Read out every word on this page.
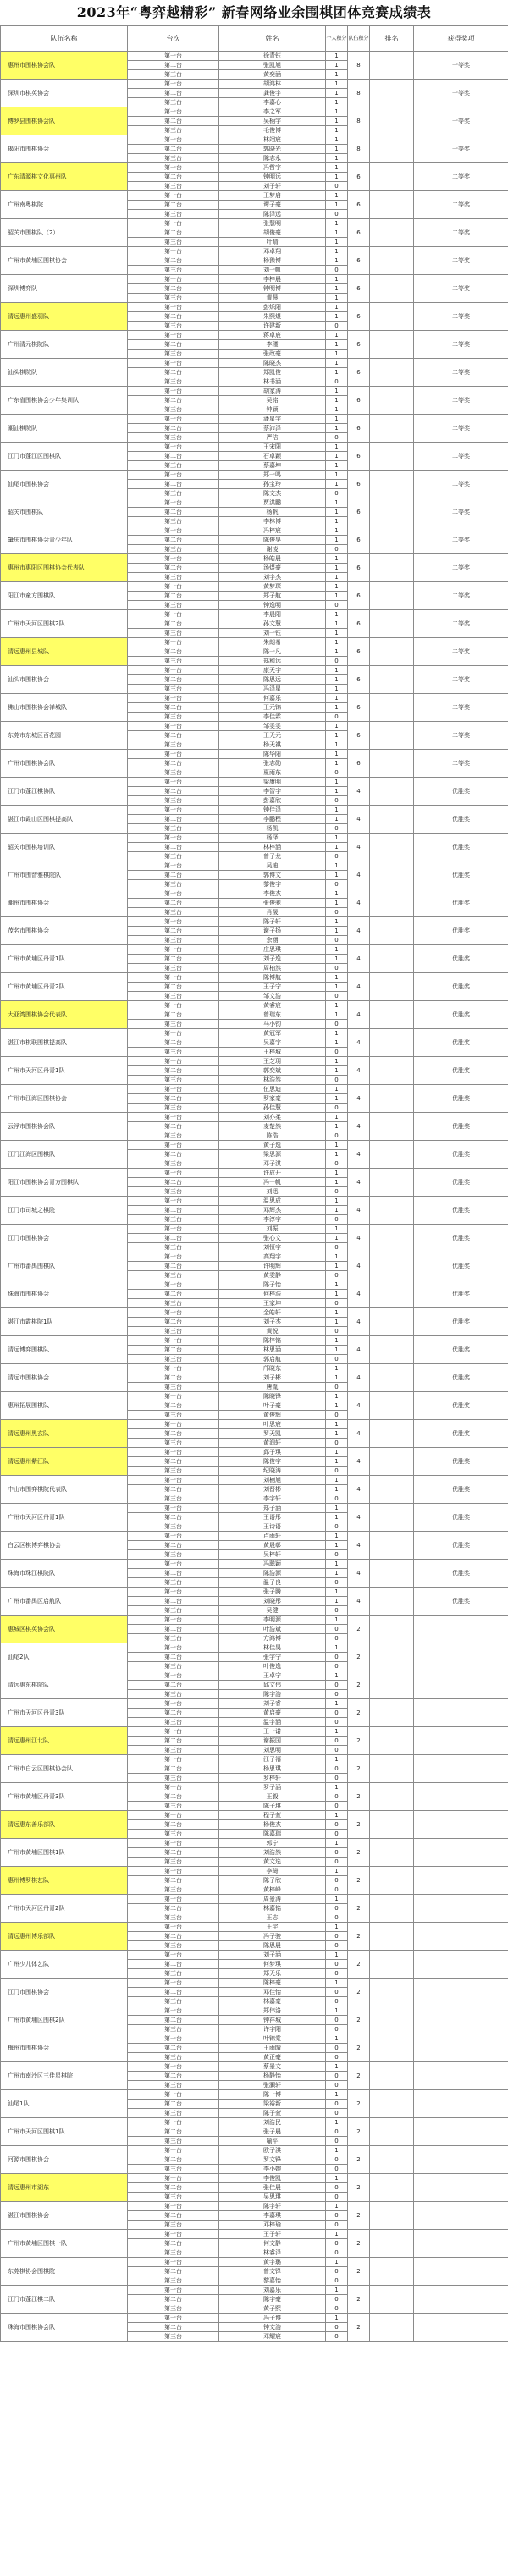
2023年“粤弈越精彩” 新春网络业余围棋团体竞赛成绩表
队伍名称	台次	姓名	个人积分	队伍积分	排名	获得奖项
惠州市围棋协会队	第一台	徐青钰	1	8		一等奖
	第二台	张凯旭	1			
	第三台	黄奕涵	1			
深圳市棋英协会	第一台	胡鸿林	1	8		一等奖
	第二台	龚俊宇	1			
	第三台	李嘉心	1			
博罗县围棋协会队	第一台	李之军	1	8		一等奖
	第二台	吴柄宇	1			
	第三台	毛俊博	1			
揭阳市围棋协会	第一台	林翊宸	1	8		一等奖
	第二台	郭晓光	1			
	第三台	陈志永	1			
广东清源棋文化惠州队	第一台	冯哲宇	1	6		二等奖
	第二台	钟明远	1			
	第三台	刘子轩	0			
广州南粤棋院	第一台	王梦启	1	6		二等奖
	第二台	谭子豪	1			
	第三台	陈泽远	0			
韶关市围棋队（2）	第一台	张慧明	1	6		二等奖
	第二台	胡俊豪	1			
	第三台	叶晴	1			
广州市黄埔区围棋协会	第一台	邓卓翔	1	6		二等奖
	第二台	杨豫博	1			
	第三台	刘一帆	0			
深圳博弈队	第一台	李梓晨	1	6		二等奖
	第二台	钟明博	1			
	第三台	黄晨	1			
清远惠州盛羽队	第一台	彭烁阳	1	6		二等奖
	第二台	朱熙煜	1			
	第三台	许建新	0			
广州清元棋院队	第一台	蒋卓宸	1	6		二等奖
	第二台	李瑾	1			
	第三台	张政豪	1			
汕头棋院队	第一台	陈晓杰	1	6		二等奖
	第二台	郑凯俊	1			
	第三台	林书涵	0			
广东省围棋协会少年集训队	第一台	胡家涛	1	6		二等奖
	第二台	吴铭	1			
	第三台	钟颖	1			
潮汕棋院队	第一台	潘星宇	1	6		二等奖
	第二台	蔡沛泽	1			
	第三台	严洁	0			
江门市蓬江区围棋队	第一台	王宋阳	1	6		二等奖
	第二台	石卓颖	1			
	第三台	蔡嘉坤	1			
汕尾市围棋协会	第一台	郑一鸣	1	6		二等奖
	第二台	孙宝玲	1			
	第三台	陈文杰	0			
韶关市围棋队	第一台	贾洪鹏	1	6		二等奖
	第二台	杨帆	1			
	第三台	李林博	1			
肇庆市围棋协会青少年队	第一台	冯梓宸	1	6		二等奖
	第二台	陈俊昊	1			
	第三台	谢凌	0			
惠州市惠阳区围棋协会代表队	第一台	杨皓晨	1	6		二等奖
	第二台	汤煜豪	1			
	第三台	刘宇杰	1			
阳江市童方围棋队	第一台	黄梦琛	1	6		二等奖
	第二台	郑子航	1			
	第三台	钟逸明	0			
广州市天河区围棋2队	第一台	李晨阳	1	6		二等奖
	第二台	孙文慧	1			
	第三台	刘一钰	1			
清远惠州县城队	第一台	朱朗希	1	6		二等奖
	第二台	陈一凡	1			
	第三台	郑和远	0			
汕头市围棋协会	第一台	康天宇	1	6		二等奖
	第二台	陈思远	1			
	第三台	冯泽星	1			
佛山市围棋协会禅城队	第一台	何嘉乐	1	6		二等奖
	第二台	王元锦	1			
	第三台	李佳霖	0			
东莞市东城区百花园	第一台	邹雯雯	1	6		二等奖
	第二台	王天元	1			
	第三台	杨天祺	1			
广州市围棋协会队	第一台	陈华阳	1	6		二等奖
	第二台	张志勋	1			
	第三台	夏雨东	0			
江门市蓬江棋协队	第一台	梁康明	1	4		优胜奖
	第二台	李智宇	1			
	第三台	彭嘉欣	0			
湛江市霞山区围棋提高队	第一台	钟佳泽	1	4		优胜奖
	第二台	李鹏程	1			
	第三台	杨凯	0			
韶关市围棋培训队	第一台	杨泽	1	4		优胜奖
	第二台	林梓涵	1			
	第三台	曾子龙	0			
广州市围智雅棋院队	第一台	吴迪	1	4		优胜奖
	第二台	郭博文	1			
	第三台	黎俊宇	0			
潮州市围棋协会	第一台	李俊杰	1	4		优胜奖
	第二台	张俊驰	1			
	第三台	肖晟	0			
茂名市围棋协会	第一台	陈子轩	1	4		优胜奖
	第二台	谢子扬	1			
	第三台	余涵	0			
广州市黄埔区丹青1队	第一台	庄思琪	1	4		优胜奖
	第二台	刘子逸	1			
	第三台	周柏然	0			
广州市黄埔区丹青2队	第一台	陈博航	1	4		优胜奖
	第二台	王子宁	1			
	第三台	邹文浩	0			
大亚湾围棋协会代表队	第一台	黄睿宸	1	4		优胜奖
	第二台	曾瑞东	1			
	第三台	马小钧	0			
湛江市棋联围棋提高队	第一台	黄冠军	1	4		优胜奖
	第二台	吴嘉宇	1			
	第三台	王梓城	0			
广州市天河区丹青1队	第一台	王芝玥	1	4		优胜奖
	第二台	郭奕斌	1			
	第三台	林浩然	0			
广州市江海区围棋协会	第一台	伍思迪	1	4		优胜奖
	第二台	罗家豪	1			
	第三台	孙佳慧	0			
云浮市围棋协会队	第一台	刘亦柔	1	4		优胜奖
	第二台	麦楚然	1			
	第三台	陈浩	0			
江门江海区围棋队	第一台	黄子逸	1	4		优胜奖
	第二台	梁思源	1			
	第三台	邓子淇	0			
阳江市围棋协会青方围棋队	第一台	许成开	1	4		优胜奖
	第二台	冯一帆	1			
	第三台	刘迅	0			
江门市司城之棋院	第一台	温思成	1	4		优胜奖
	第二台	邓辉杰	1			
	第三台	李淳宇	0			
江门市围棋协会	第一台	刘振	1	4		优胜奖
	第二台	张心文	1			
	第三台	刘恒宇	0			
广州市番禺围棋队	第一台	高翔宇	1	4		优胜奖
	第二台	许明辉	1			
	第三台	黄雯静	0			
珠海市围棋协会	第一台	陈子怡	1	4		优胜奖
	第二台	何梓浩	1			
	第三台	王家坤	0			
湛江市霞棋院1队	第一台	金皓轩	1	4		优胜奖
	第二台	刘子杰	1			
	第三台	黄悦	0			
清远博弈围棋队	第一台	陈梓铭	1	4		优胜奖
	第二台	林思涵	1			
	第三台	郭启航	0			
清远市围棋协会	第一台	邝晓东	1	4		优胜奖
	第二台	刘子彬	1			
	第三台	唐胤	0			
惠州拓展围棋队	第一台	陈晓锋	1	4		优胜奖
	第二台	叶子豪	1			
	第三台	黄俊辉	0			
清远惠州黑玄队	第一台	叶思宸	1	4		优胜奖
	第二台	罗天凯	1			
	第三台	黄润轩	0			
清远惠州紫江队	第一台	邱子琪	1	4		优胜奖
	第二台	陈俊宇	1			
	第三台	纪晓涛	0			
中山市围弈棋院代表队	第一台	刘楠旭	1	4		优胜奖
	第二台	刘晋彬	1			
	第三台	李宇轩	0			
广州市天河区丹青1队	第一台	郑子涵	1	4		优胜奖
	第二台	王语彤	1			
	第三台	王诗语	0			
白云区棋博弈棋协会	第一台	卢雨轩	1	4		优胜奖
	第二台	黄晟彰	1			
	第三台	吴梓轩	0			
珠海市珠江棋院队	第一台	冯聪颖	1	4		优胜奖
	第二台	陈浩源	1			
	第三台	温子良	0			
广州市番禺区启航队	第一台	张子腾	1	4		优胜奖
	第二台	刘晓彤	1			
	第三台	吴健	0			
惠城区棋英协会队	第一台	李明源	1	2		
	第二台	叶浩斌	0			
	第三台	方鸿博	0			
汕尾2队	第一台	林佳昊	1	2		
	第二台	张宇宁	0			
	第三台	叶俊逸	0			
清远惠东棋院队	第一台	王卓宁	1	2		
	第二台	邱文伟	0			
	第三台	陈宇浩	0			
广州市天河区丹青3队	第一台	刘子睿	1	2		
	第二台	黄启豪	0			
	第三台	温宇涵	0			
清远惠州江北队	第一台	王一诺	1	2		
	第二台	谢振国	0			
	第三台	刘思明	0			
广州市白云区围棋协会队	第一台	江子禧	1	2		
	第二台	杨思琪	0			
	第三台	罗梓轩	0			
广州市黄埔区丹青3队	第一台	罗子涵	1	2		
	第二台	王毅	0			
	第三台	陈子琪	0			
清远惠东善乐部队	第一台	程子萱	1	2		
	第二台	杨俊杰	0			
	第三台	陈嘉瑞	0			
广州市黄埔区围棋1队	第一台	郭宁	1	2		
	第二台	刘浩然	0			
	第三台	黄文选	0			
惠州博罗棋艺队	第一台	李琦	1	2		
	第二台	陈子欣	0			
	第三台	黄梓峰	0			
广州市天河区丹青2队	第一台	周景涛	1	2		
	第二台	林嘉铭	0			
	第三台	王志	0			
清远惠州博乐部队	第一台	王宇	1	2		
	第二台	冯子骏	0			
	第三台	陈思晨	0			
广州少儿体艺队	第一台	刘子涵	1	2		
	第二台	何梦琪	0			
	第三台	郑天乐	0			
江门市围棋协会	第一台	陈梓豪	1	2		
	第二台	邓佳怡	0			
	第三台	林嘉豪	0			
广州市黄埔区围棋2队	第一台	郑伟洛	1	2		
	第二台	钟祥城	0			
	第三台	许宇阳	0			
梅州市围棋协会	第一台	叶锦棠	1	2		
	第二台	王雨晴	0			
	第三台	黄正豪	0			
广州市南沙区三佳星棋院	第一台	蔡景文	1	2		
	第二台	杨静怡	0			
	第三台	张灏轩	0			
汕尾1队	第一台	陈一博	1	2		
	第二台	梁裕新	0			
	第三台	陈子萱	0			
广州市天河区围棋1队	第一台	刘浩民	1	2		
	第二台	张子晨	0			
	第三台	喻平	0			
河源市围棋协会	第一台	欧子淇	1	2		
	第二台	罗文锋	0			
	第三台	李小婉	0			
清远惠州市湖东	第一台	李俊凯	1	2		
	第二台	张佳晨	0			
	第三台	吴思琪	0			
湛江市围棋协会	第一台	陈宇轩	1	2		
	第二台	李嘉琪	0			
	第三台	邓梓瑜	0			
广州市黄埔区围棋一队	第一台	王子轩	1	2		
	第二台	何文静	0			
	第三台	林睿泽	0			
东莞棋协会围棋院	第一台	黄宇璐	1	2		
	第二台	曾文锋	0			
	第三台	黎嘉怡	0			
江门市蓬江棋二队	第一台	刘嘉乐	1	2		
	第二台	陈宇豪	0			
	第三台	黄子熙	0			
珠海市围棋协会队	第一台	冯子博	1	2		
	第二台	钟文浩	0			
	第三台	邓耀宸	0			
